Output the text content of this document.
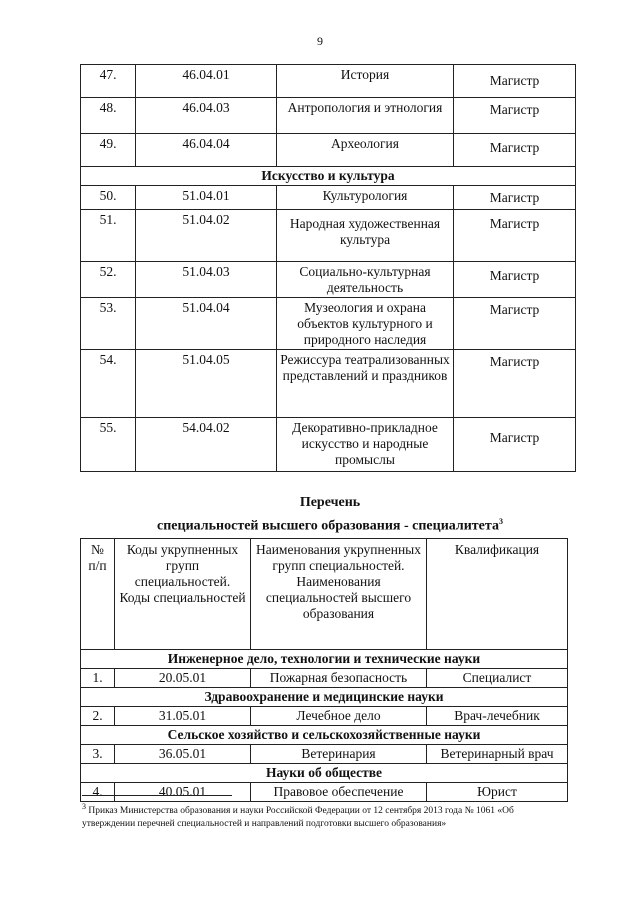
9
47.	46.04.01	История	Магистр
48.	46.04.03	Антропология и этнология	Магистр
49.	46.04.04	Археология	Магистр
Искусство и культура			
50.	51.04.01	Культурология	Магистр
51.	51.04.02	Народная художественная культура	Магистр
52.	51.04.03	Социально-культурная деятельность	Магистр
53.	51.04.04	Музеология и охрана объектов культурного и природного наследия	Магистр
54.	51.04.05	Режиссура театрализованных представлений и праздников	Магистр
55.	54.04.02	Декоративно-прикладное искусство и народные промыслы	Магистр
Перечень
специальностей высшего образования - специалитета$^3$
№ п/п	Коды укрупненных групп специальностей. Коды специальностей	Наименования укрупненных групп специальностей. Наименования специальностей высшего образования	Квалификация
Инженерное дело, технологии и технические науки			
1.	20.05.01	Пожарная безопасность	Специалист
Здравоохранение и медицинские науки			
2.	31.05.01	Лечебное дело	Врач-лечебник
Сельское хозяйство и сельскохозяйственные науки			
3.	36.05.01	Ветеринария	Ветеринарный врач
Науки об обществе			
4.	40.05.01	Правовое обеспечение	Юрист
$^3$ Приказ Министерства образования и науки Российской Федерации от 12 сентября 2013 года № 1061 «Об утверждении перечней специальностей и направлений подготовки высшего образования»
